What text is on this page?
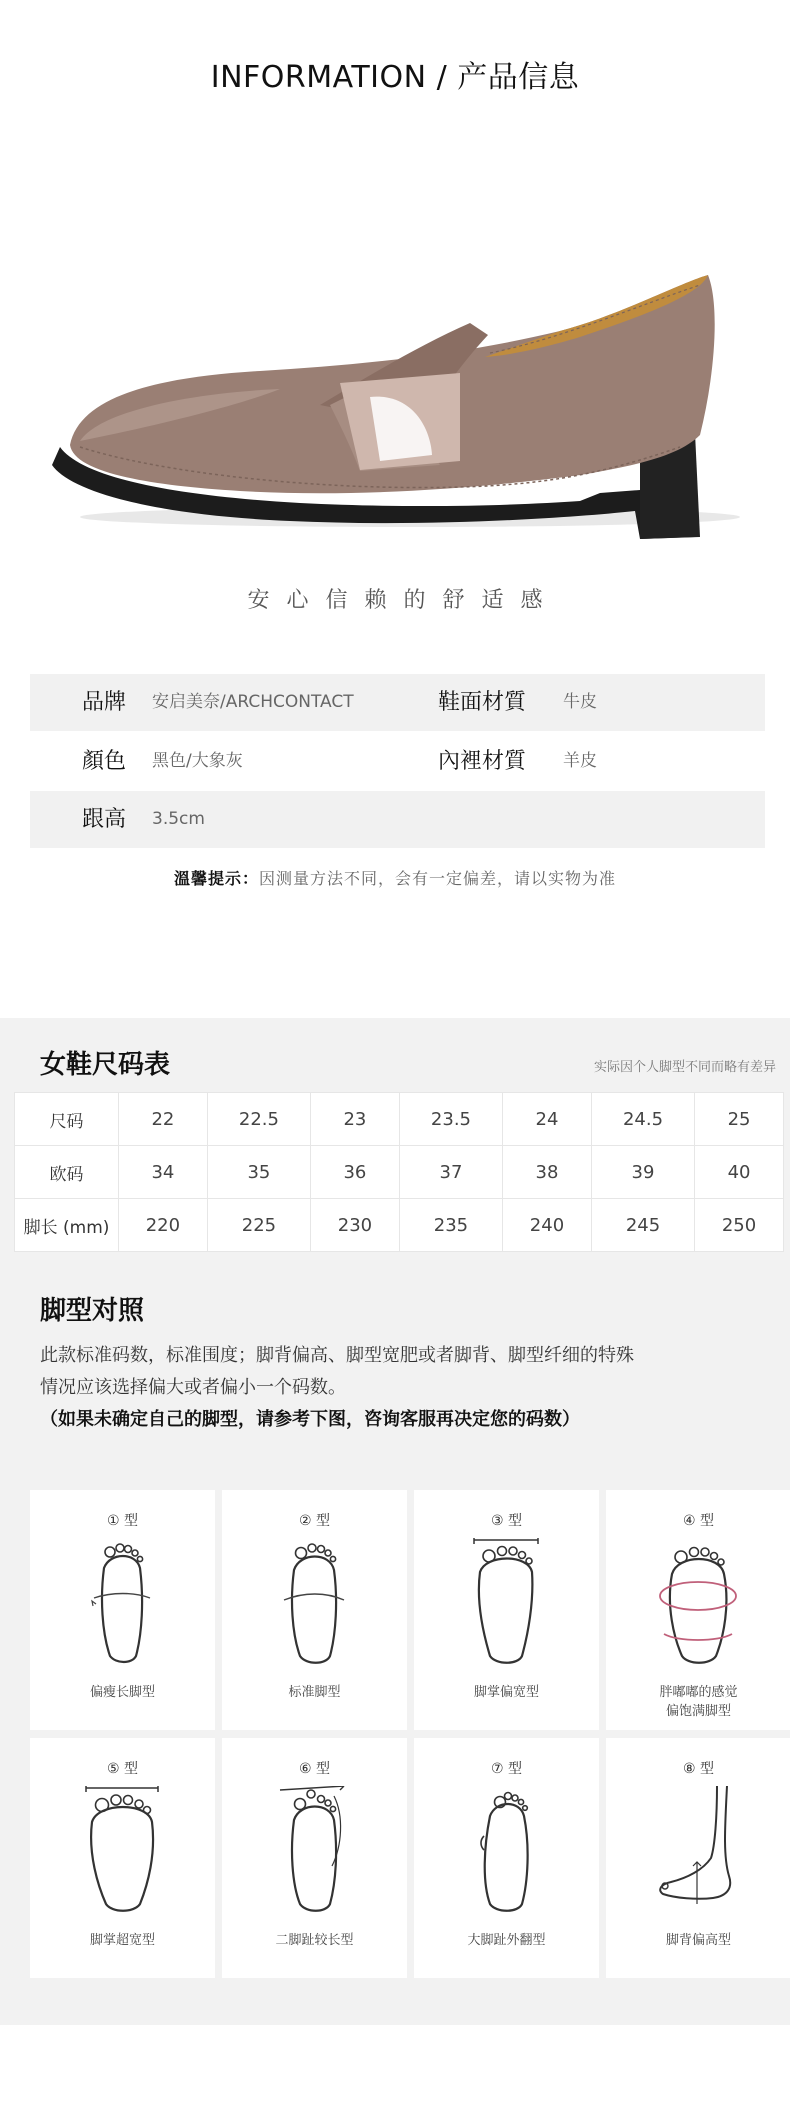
INFORMATION / 产品信息
安心信赖的舒适感
品牌 安启美奈/ARCHCONTACT	鞋面材質 牛皮
顏色 黑色/大象灰	內裡材質 羊皮
跟高 3.5cm
溫馨提示：因测量方法不同，会有一定偏差，请以实物为准
女鞋尺码表	实际因个人脚型不同而略有差异
尺码	22	22.5	23	23.5	24	24.5	25
欧码	34	35	36	37	38	39	40
脚长 (mm)	220	225	230	235	240	245	250
脚型对照
此款标准码数，标准围度；脚背偏高、脚型宽肥或者脚背、脚型纤细的特殊
情况应该选择偏大或者偏小一个码数。
（如果未确定自己的脚型，请参考下图，咨询客服再决定您的码数）
① 型
偏瘦长脚型
② 型
标准脚型
③ 型
脚掌偏宽型
④ 型
胖嘟嘟的感觉
偏饱满脚型
⑤ 型
脚掌超宽型
⑥ 型
二脚趾较长型
⑦ 型
大脚趾外翻型
⑧ 型
脚背偏高型
